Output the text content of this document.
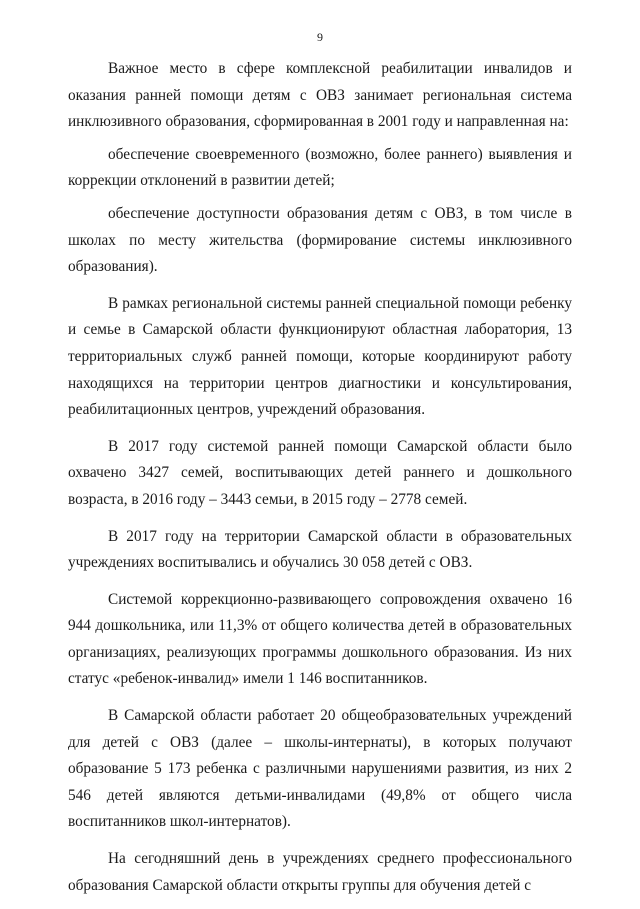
9

Важное место в сфере комплексной реабилитации инвалидов и оказания ранней помощи детям с ОВЗ занимает региональная система инклюзивного образования, сформированная в 2001 году и направленная на:

обеспечение своевременного (возможно, более раннего) выявления и коррекции отклонений в развитии детей;

обеспечение доступности образования детям с ОВЗ, в том числе в школах по месту жительства (формирование системы инклюзивного образования).

В рамках региональной системы ранней специальной помощи ребенку и семье в Самарской области функционируют областная лаборатория, 13 территориальных служб ранней помощи, которые координируют работу находящихся на территории центров диагностики и консультирования, реабилитационных центров, учреждений образования.

В 2017 году системой ранней помощи Самарской области было охвачено 3427 семей, воспитывающих детей раннего и дошкольного возраста, в 2016 году – 3443 семьи, в 2015 году – 2778 семей.

В 2017 году на территории Самарской области в образовательных учреждениях воспитывались и обучались 30 058 детей с ОВЗ.

Системой коррекционно-развивающего сопровождения охвачено 16 944 дошкольника, или 11,3% от общего количества детей в образовательных организациях, реализующих программы дошкольного образования. Из них статус «ребенок-инвалид» имели 1 146 воспитанников.

В Самарской области работает 20 общеобразовательных учреждений для детей с ОВЗ (далее – школы-интернаты), в которых получают образование 5 173 ребенка с различными нарушениями развития, из них 2 546 детей являются детьми-инвалидами (49,8% от общего числа воспитанников школ-интернатов).

На сегодняшний день в учреждениях среднего профессионального образования Самарской области открыты группы для обучения детей с
